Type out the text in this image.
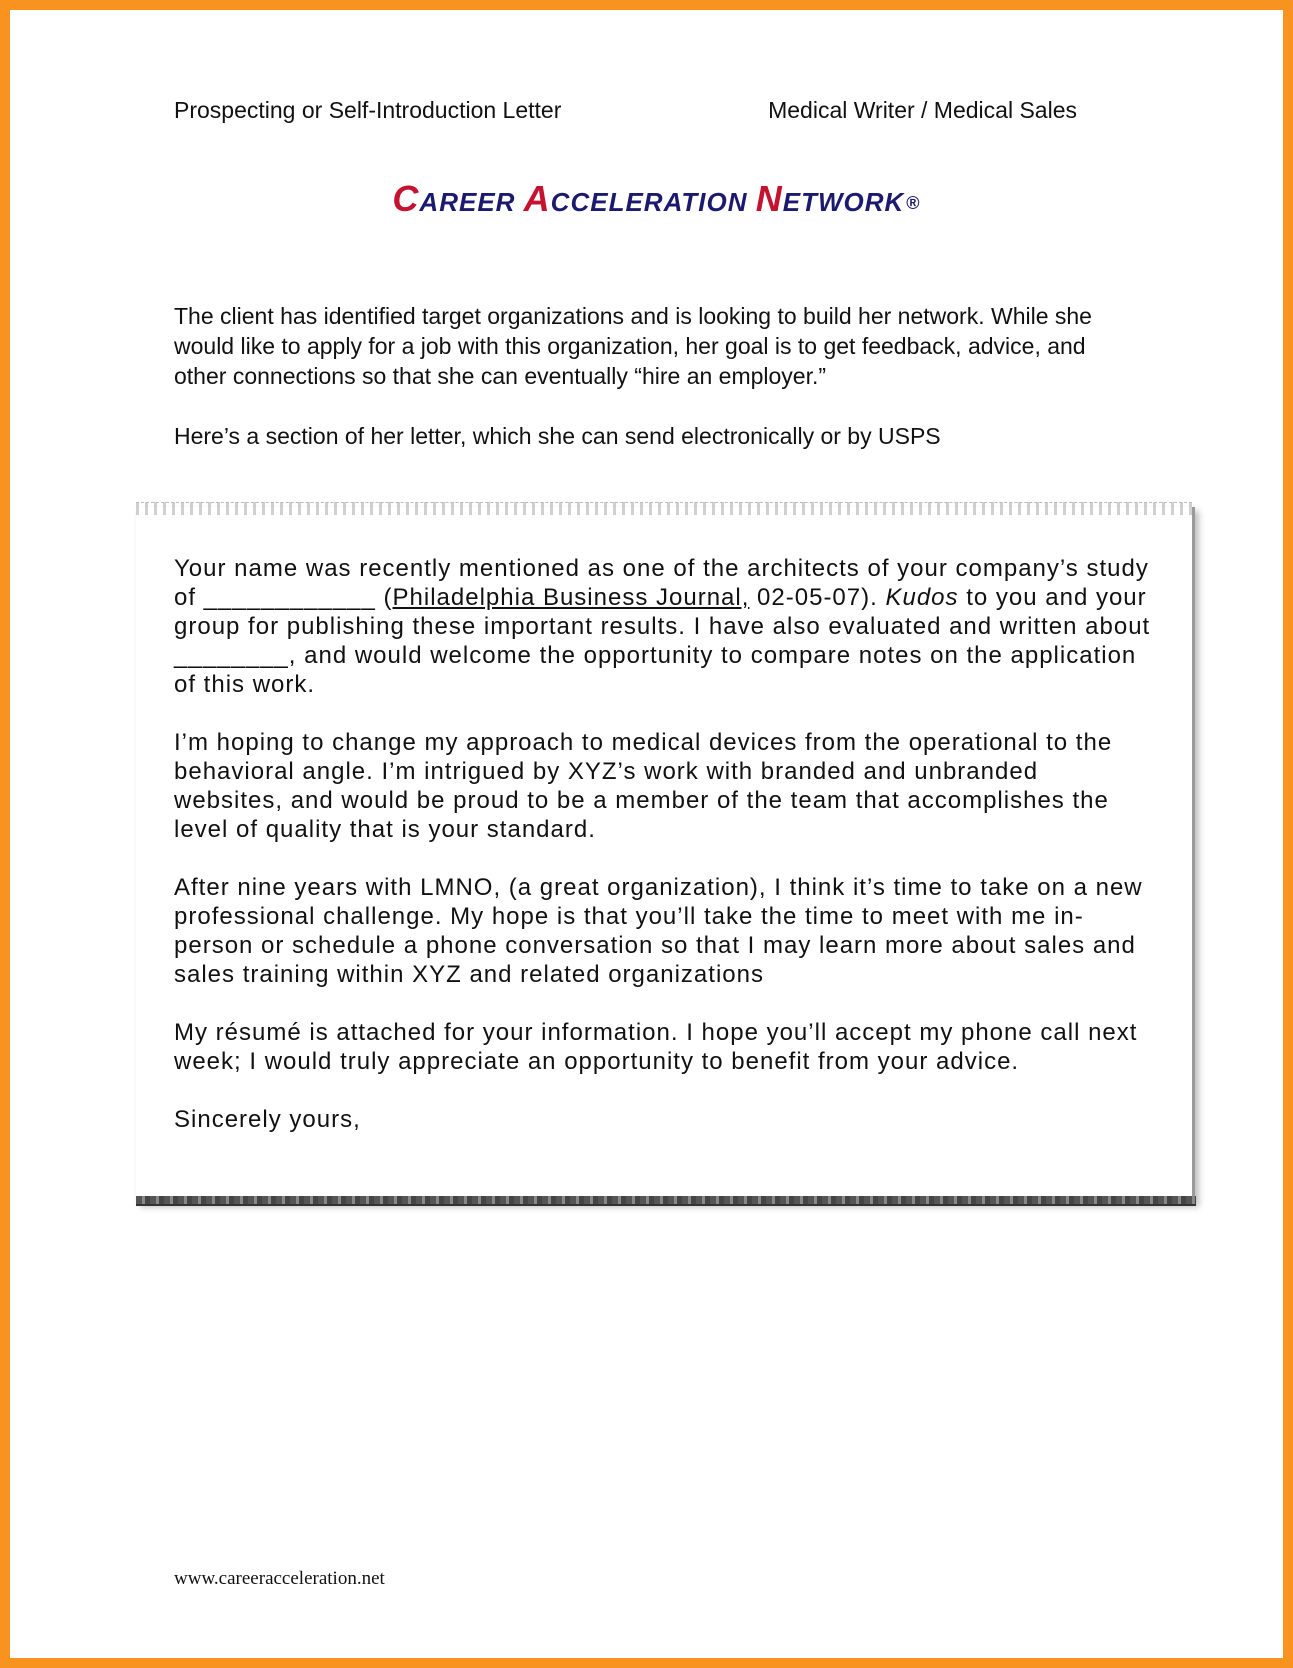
Prospecting or Self-Introduction Letter	Medical Writer / Medical Sales
CAREER ACCELERATION NETWORK ®

The client has identified target organizations and is looking to build her network. While she would like to apply for a job with this organization, her goal is to get feedback, advice, and other connections so that she can eventually “hire an employer.”

Here’s a section of her letter, which she can send electronically or by USPS

Your name was recently mentioned as one of the architects of your company’s study of ____________ (Philadelphia Business Journal, 02-05-07). Kudos to you and your group for publishing these important results. I have also evaluated and written about ________, and would welcome the opportunity to compare notes on the application of this work.

I’m hoping to change my approach to medical devices from the operational to the behavioral angle. I’m intrigued by XYZ’s work with branded and unbranded websites, and would be proud to be a member of the team that accomplishes the level of quality that is your standard.

After nine years with LMNO, (a great organization), I think it’s time to take on a new professional challenge. My hope is that you’ll take the time to meet with me in-person or schedule a phone conversation so that I may learn more about sales and sales training within XYZ and related organizations

My résumé is attached for your information. I hope you’ll accept my phone call next week; I would truly appreciate an opportunity to benefit from your advice.

Sincerely yours,

www.careeracceleration.net
